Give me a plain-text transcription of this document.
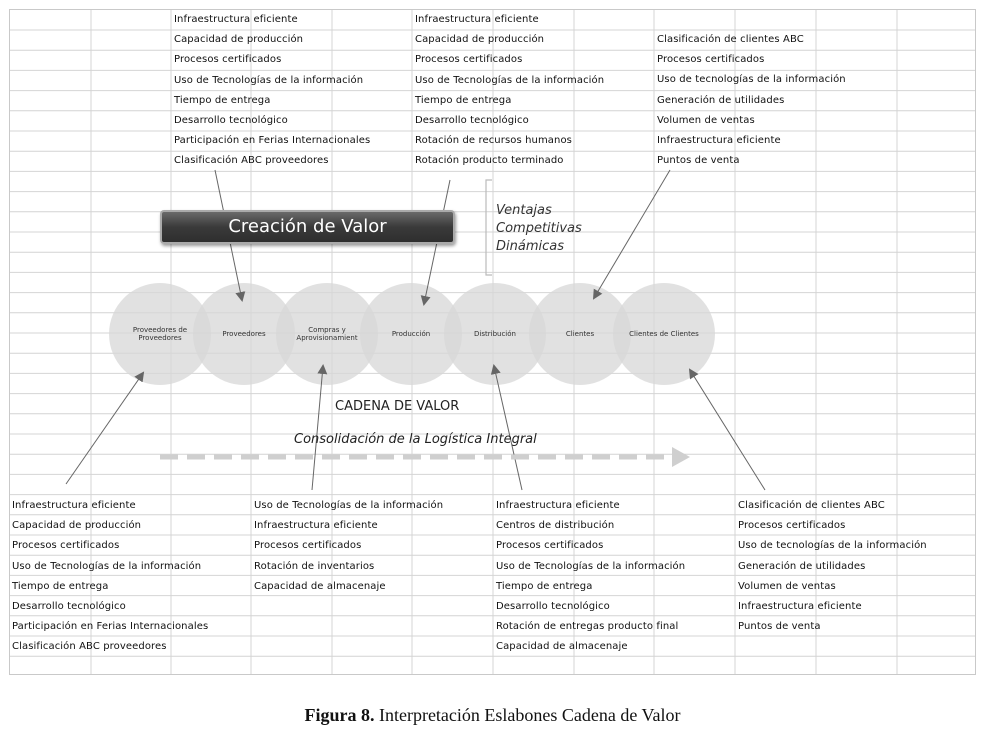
Infraestructura eficiente
Capacidad de producción
Procesos certificados
Uso de Tecnologías de la información
Tiempo de entrega
Desarrollo tecnológico
Participación en Ferias Internacionales
Clasificación ABC proveedores
Infraestructura eficiente
Capacidad de producción
Procesos certificados
Uso de Tecnologías de la información
Tiempo de entrega
Desarrollo tecnológico
Rotación de recursos humanos
Rotación producto terminado
Clasificación de clientes ABC
Procesos certificados
Uso de tecnologías de la información
Generación de utilidades
Volumen de ventas
Infraestructura eficiente
Puntos de venta
Infraestructura eficiente
Capacidad de producción
Procesos certificados
Uso de Tecnologías de la información
Tiempo de entrega
Desarrollo tecnológico
Participación en Ferias Internacionales
Clasificación ABC proveedores
Uso de Tecnologías de la información
Infraestructura eficiente
Procesos certificados
Rotación de inventarios
Capacidad de almacenaje
Infraestructura eficiente
Centros de distribución
Procesos certificados
Uso de Tecnologías de la información
Tiempo de entrega
Desarrollo tecnológico
Rotación de entregas producto final
Capacidad de almacenaje
Clasificación de clientes ABC
Procesos certificados
Uso de tecnologías de la información
Generación de utilidades
Volumen de ventas
Infraestructura eficiente
Puntos de venta
Proveedores de Proveedores	Proveedores	Compras y Aprovisionamient	Producción	Distribución	Clientes	Clientes de Clientes
Creación de Valor
Ventajas
Competitivas
Dinámicas
CADENA DE VALOR
Consolidación de la Logística Integral
Figura 8. Interpretación Eslabones Cadena de Valor
